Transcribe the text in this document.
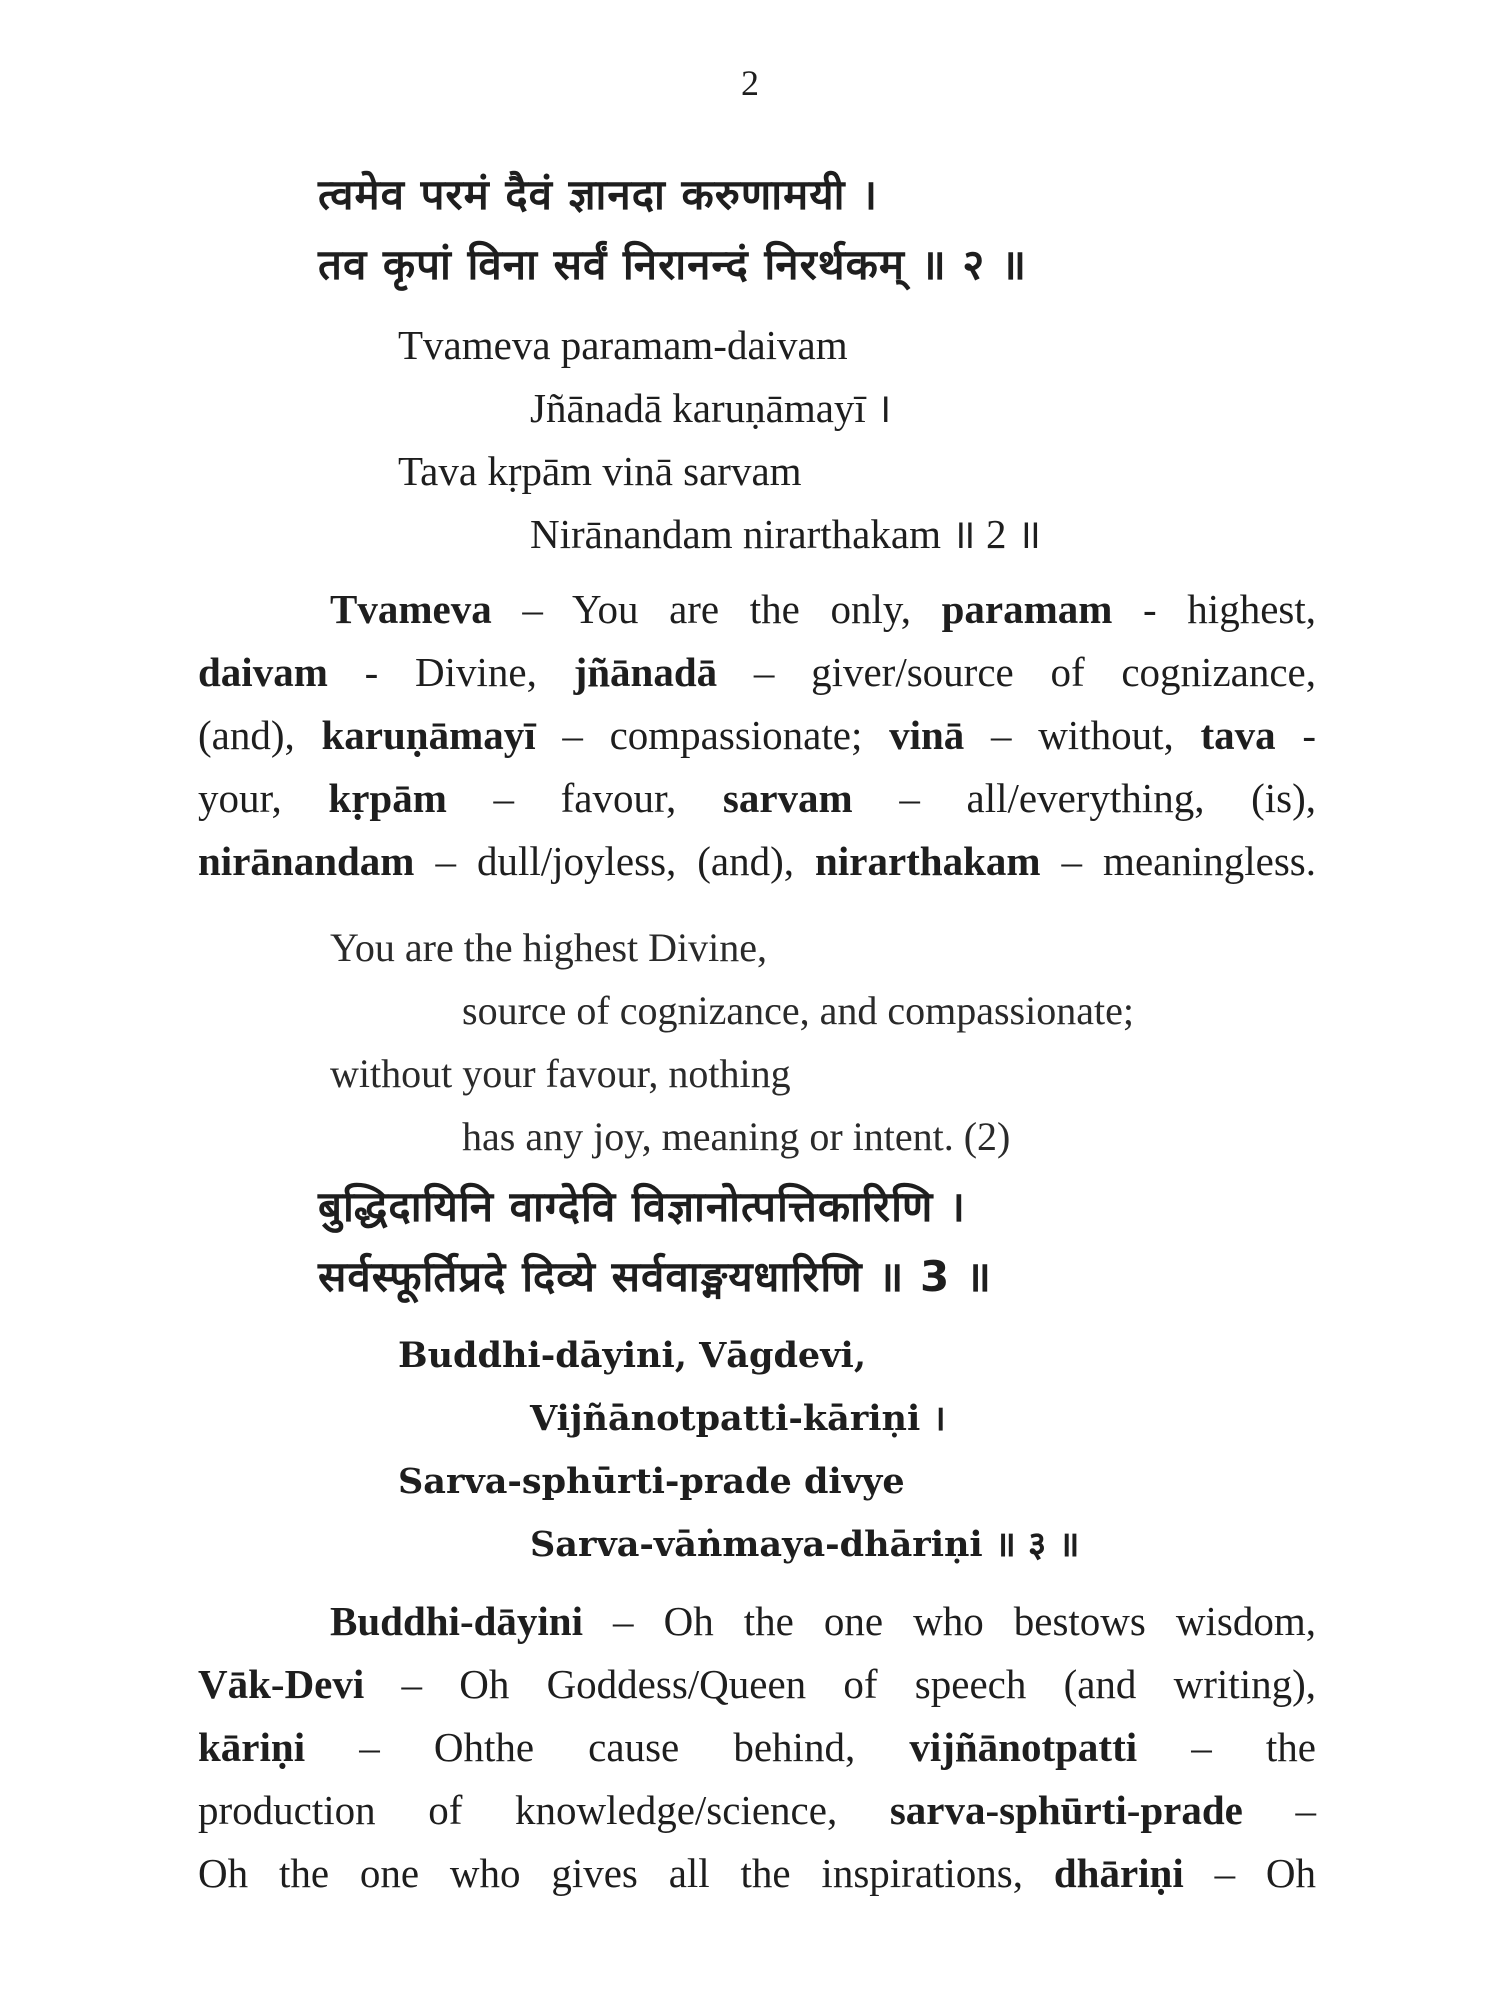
2
त्वमेव परमं दैवं ज्ञानदा करुणामयी ।
तव कृपां विना सर्वं निरानन्दं निरर्थकम् ॥ २ ॥
Tvameva paramam-daivam
Jñānadā karuṇāmayī ।
Tava kṛpām vinā sarvam
Nirānandam nirarthakam ॥ 2 ॥
Tvameva – You are the only, paramam - highest,
daivam - Divine, jñānadā – giver/source of cognizance,
(and), karuṇāmayī – compassionate; vinā – without, tava -
your, kṛpām – favour, sarvam – all/everything, (is),
nirānandam – dull/joyless, (and), nirarthakam – meaningless.
You are the highest Divine,
source of cognizance, and compassionate;
without your favour, nothing
has any joy, meaning or intent. (2)
बुद्धिदायिनि वाग्देवि विज्ञानोत्पत्तिकारिणि ।
सर्वस्फूर्तिप्रदे दिव्ये सर्ववाङ्मयधारिणि ॥ 3 ॥
Buddhi-dāyini, Vāgdevi,
Vijñānotpatti-kāriṇi ।
Sarva-sphūrti-prade divye
Sarva-vāṅmaya-dhāriṇi ॥ ३ ॥
Buddhi-dāyini – Oh the one who bestows wisdom,
Vāk-Devi – Oh Goddess/Queen of speech (and writing),
kāriṇi – Ohthe cause behind, vijñānotpatti – the
production of knowledge/science, sarva-sphūrti-prade –
Oh the one who gives all the inspirations, dhāriṇi – Oh
